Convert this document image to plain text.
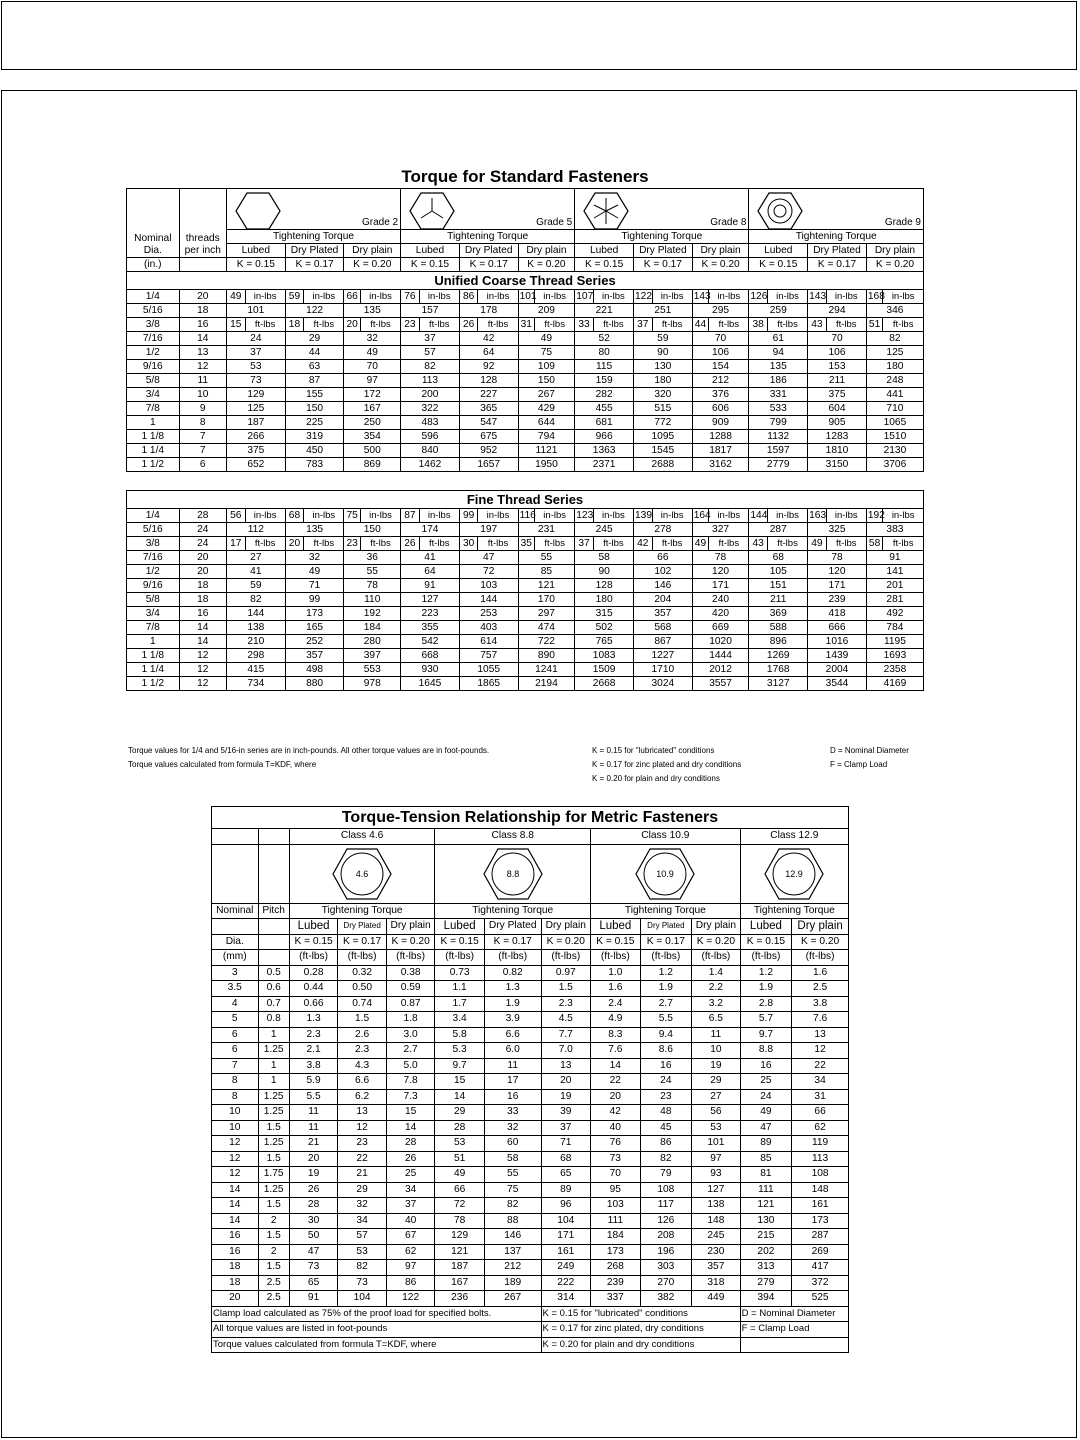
Torque for Standard Fasteners																									
Nominal Dia.	threads per inch	Grade 2						Grade 5						Grade 8						Grade 9					
		Tightening Torque						Tightening Torque						Tightening Torque						Tightening Torque					
		Lubed		Dry Plated		Dry plain		Lubed		Dry Plated		Dry plain		Lubed		Dry Plated		Dry plain		Lubed		Dry Plated		Dry plain	
(in.)		K = 0.15		K = 0.17		K = 0.20		K = 0.15		K = 0.17		K = 0.20		K = 0.15		K = 0.17		K = 0.20		K = 0.15		K = 0.17		K = 0.20	
Unified Coarse Thread Series																									
1/4	20	49	in-lbs	59	in-lbs	66	in-lbs	76	in-lbs	86	in-lbs	101	in-lbs	107	in-lbs	122	in-lbs	143	in-lbs	126	in-lbs	143	in-lbs	168	in-lbs
5/16	18	101		122		135		157		178		209		221		251		295		259		294		346	
3/8	16	15	ft-lbs	18	ft-lbs	20	ft-lbs	23	ft-lbs	26	ft-lbs	31	ft-lbs	33	ft-lbs	37	ft-lbs	44	ft-lbs	38	ft-lbs	43	ft-lbs	51	ft-lbs
7/16	14	24		29		32		37		42		49		52		59		70		61		70		82	
1/2	13	37		44		49		57		64		75		80		90		106		94		106		125	
9/16	12	53		63		70		82		92		109		115		130		154		135		153		180	
5/8	11	73		87		97		113		128		150		159		180		212		186		211		248	
3/4	10	129		155		172		200		227		267		282		320		376		331		375		441	
7/8	9	125		150		167		322		365		429		455		515		606		533		604		710	
1	8	187		225		250		483		547		644		681		772		909		799		905		1065	
1 1/8	7	266		319		354		596		675		794		966		1095		1288		1132		1283		1510	
1 1/4	7	375		450		500		840		952		1121		1363		1545		1817		1597		1810		2130	
1 1/2	6	652		783		869		1462		1657		1950		2371		2688		3162		2779		3150		3706	

Fine Thread Series																									
1/4	28	56	in-lbs	68	in-lbs	75	in-lbs	87	in-lbs	99	in-lbs	116	in-lbs	123	in-lbs	139	in-lbs	164	in-lbs	144	in-lbs	163	in-lbs	192	in-lbs
5/16	24	112		135		150		174		197		231		245		278		327		287		325		383	
3/8	24	17	ft-lbs	20	ft-lbs	23	ft-lbs	26	ft-lbs	30	ft-lbs	35	ft-lbs	37	ft-lbs	42	ft-lbs	49	ft-lbs	43	ft-lbs	49	ft-lbs	58	ft-lbs
7/16	20	27		32		36		41		47		55		58		66		78		68		78		91	
1/2	20	41		49		55		64		72		85		90		102		120		105		120		141	
9/16	18	59		71		78		91		103		121		128		146		171		151		171		201	
5/8	18	82		99		110		127		144		170		180		204		240		211		239		281	
3/4	16	144		173		192		223		253		297		315		357		420		369		418		492	
7/8	14	138		165		184		355		403		474		502		568		669		588		666		784	
1	14	210		252		280		542		614		722		765		867		1020		896		1016		1195	
1 1/8	12	298		357		397		668		757		890		1083		1227		1444		1269		1439		1693	
1 1/4	12	415		498		553		930		1055		1241		1509		1710		2012		1768		2004		2358	
1 1/2	12	734		880		978		1645		1865		2194		2668		3024		3557		3127		3544		4169	
Torque values for 1/4 and 5/16-in series are in inch-pounds. All other torque values are in foot-pounds.
Torque values calculated from formula T=KDF, where
K = 0.15 for "lubricated" conditions
K = 0.17 for zinc plated and dry conditions
K = 0.20 for plain and dry conditions
D = Nominal Diameter
F = Clamp Load
Torque-Tension Relationship for Metric Fasteners												
		Class 4.6			Class 8.8			Class 10.9			Class 12.9	

4.6			8.8			10.9			12.9	

Nominal	Pitch	Tightening Torque			Tightening Torque			Tightening Torque			Tightening Torque	
		Lubed	Dry Plated	Dry plain	Lubed	Dry Plated	Dry plain	Lubed	Dry Plated	Dry plain	Lubed	Dry plain
Dia.		K = 0.15	K = 0.17	K = 0.20	K = 0.15	K = 0.17	K = 0.20	K = 0.15	K = 0.17	K = 0.20	K = 0.15	K = 0.20
(mm)		(ft-lbs)	(ft-lbs)	(ft-lbs)	(ft-lbs)	(ft-lbs)	(ft-lbs)	(ft-lbs)	(ft-lbs)	(ft-lbs)	(ft-lbs)	(ft-lbs)
3	0.5	0.28	0.32	0.38	0.73	0.82	0.97	1.0	1.2	1.4	1.2	1.6
3.5	0.6	0.44	0.50	0.59	1.1	1.3	1.5	1.6	1.9	2.2	1.9	2.5
4	0.7	0.66	0.74	0.87	1.7	1.9	2.3	2.4	2.7	3.2	2.8	3.8
5	0.8	1.3	1.5	1.8	3.4	3.9	4.5	4.9	5.5	6.5	5.7	7.6
6	1	2.3	2.6	3.0	5.8	6.6	7.7	8.3	9.4	11	9.7	13
6	1.25	2.1	2.3	2.7	5.3	6.0	7.0	7.6	8.6	10	8.8	12
7	1	3.8	4.3	5.0	9.7	11	13	14	16	19	16	22
8	1	5.9	6.6	7.8	15	17	20	22	24	29	25	34
8	1.25	5.5	6.2	7.3	14	16	19	20	23	27	24	31
10	1.25	11	13	15	29	33	39	42	48	56	49	66
10	1.5	11	12	14	28	32	37	40	45	53	47	62
12	1.25	21	23	28	53	60	71	76	86	101	89	119
12	1.5	20	22	26	51	58	68	73	82	97	85	113
12	1.75	19	21	25	49	55	65	70	79	93	81	108
14	1.25	26	29	34	66	75	89	95	108	127	111	148
14	1.5	28	32	37	72	82	96	103	117	138	121	161
14	2	30	34	40	78	88	104	111	126	148	130	173
16	1.5	50	57	67	129	146	171	184	208	245	215	287
16	2	47	53	62	121	137	161	173	196	230	202	269
18	1.5	73	82	97	187	212	249	268	303	357	313	417
18	2.5	65	73	86	167	189	222	239	270	318	279	372
20	2.5	91	104	122	236	267	314	337	382	449	394	525
Clamp load calculated as 75% of the proof load for specified bolts.							K = 0.15 for "lubricated" conditions				D = Nominal Diameter	
All torque values are listed in foot-pounds							K = 0.17 for zinc plated, dry conditions				F = Clamp Load	
Torque values calculated from formula T=KDF, where							K = 0.20 for plain and dry conditions					
